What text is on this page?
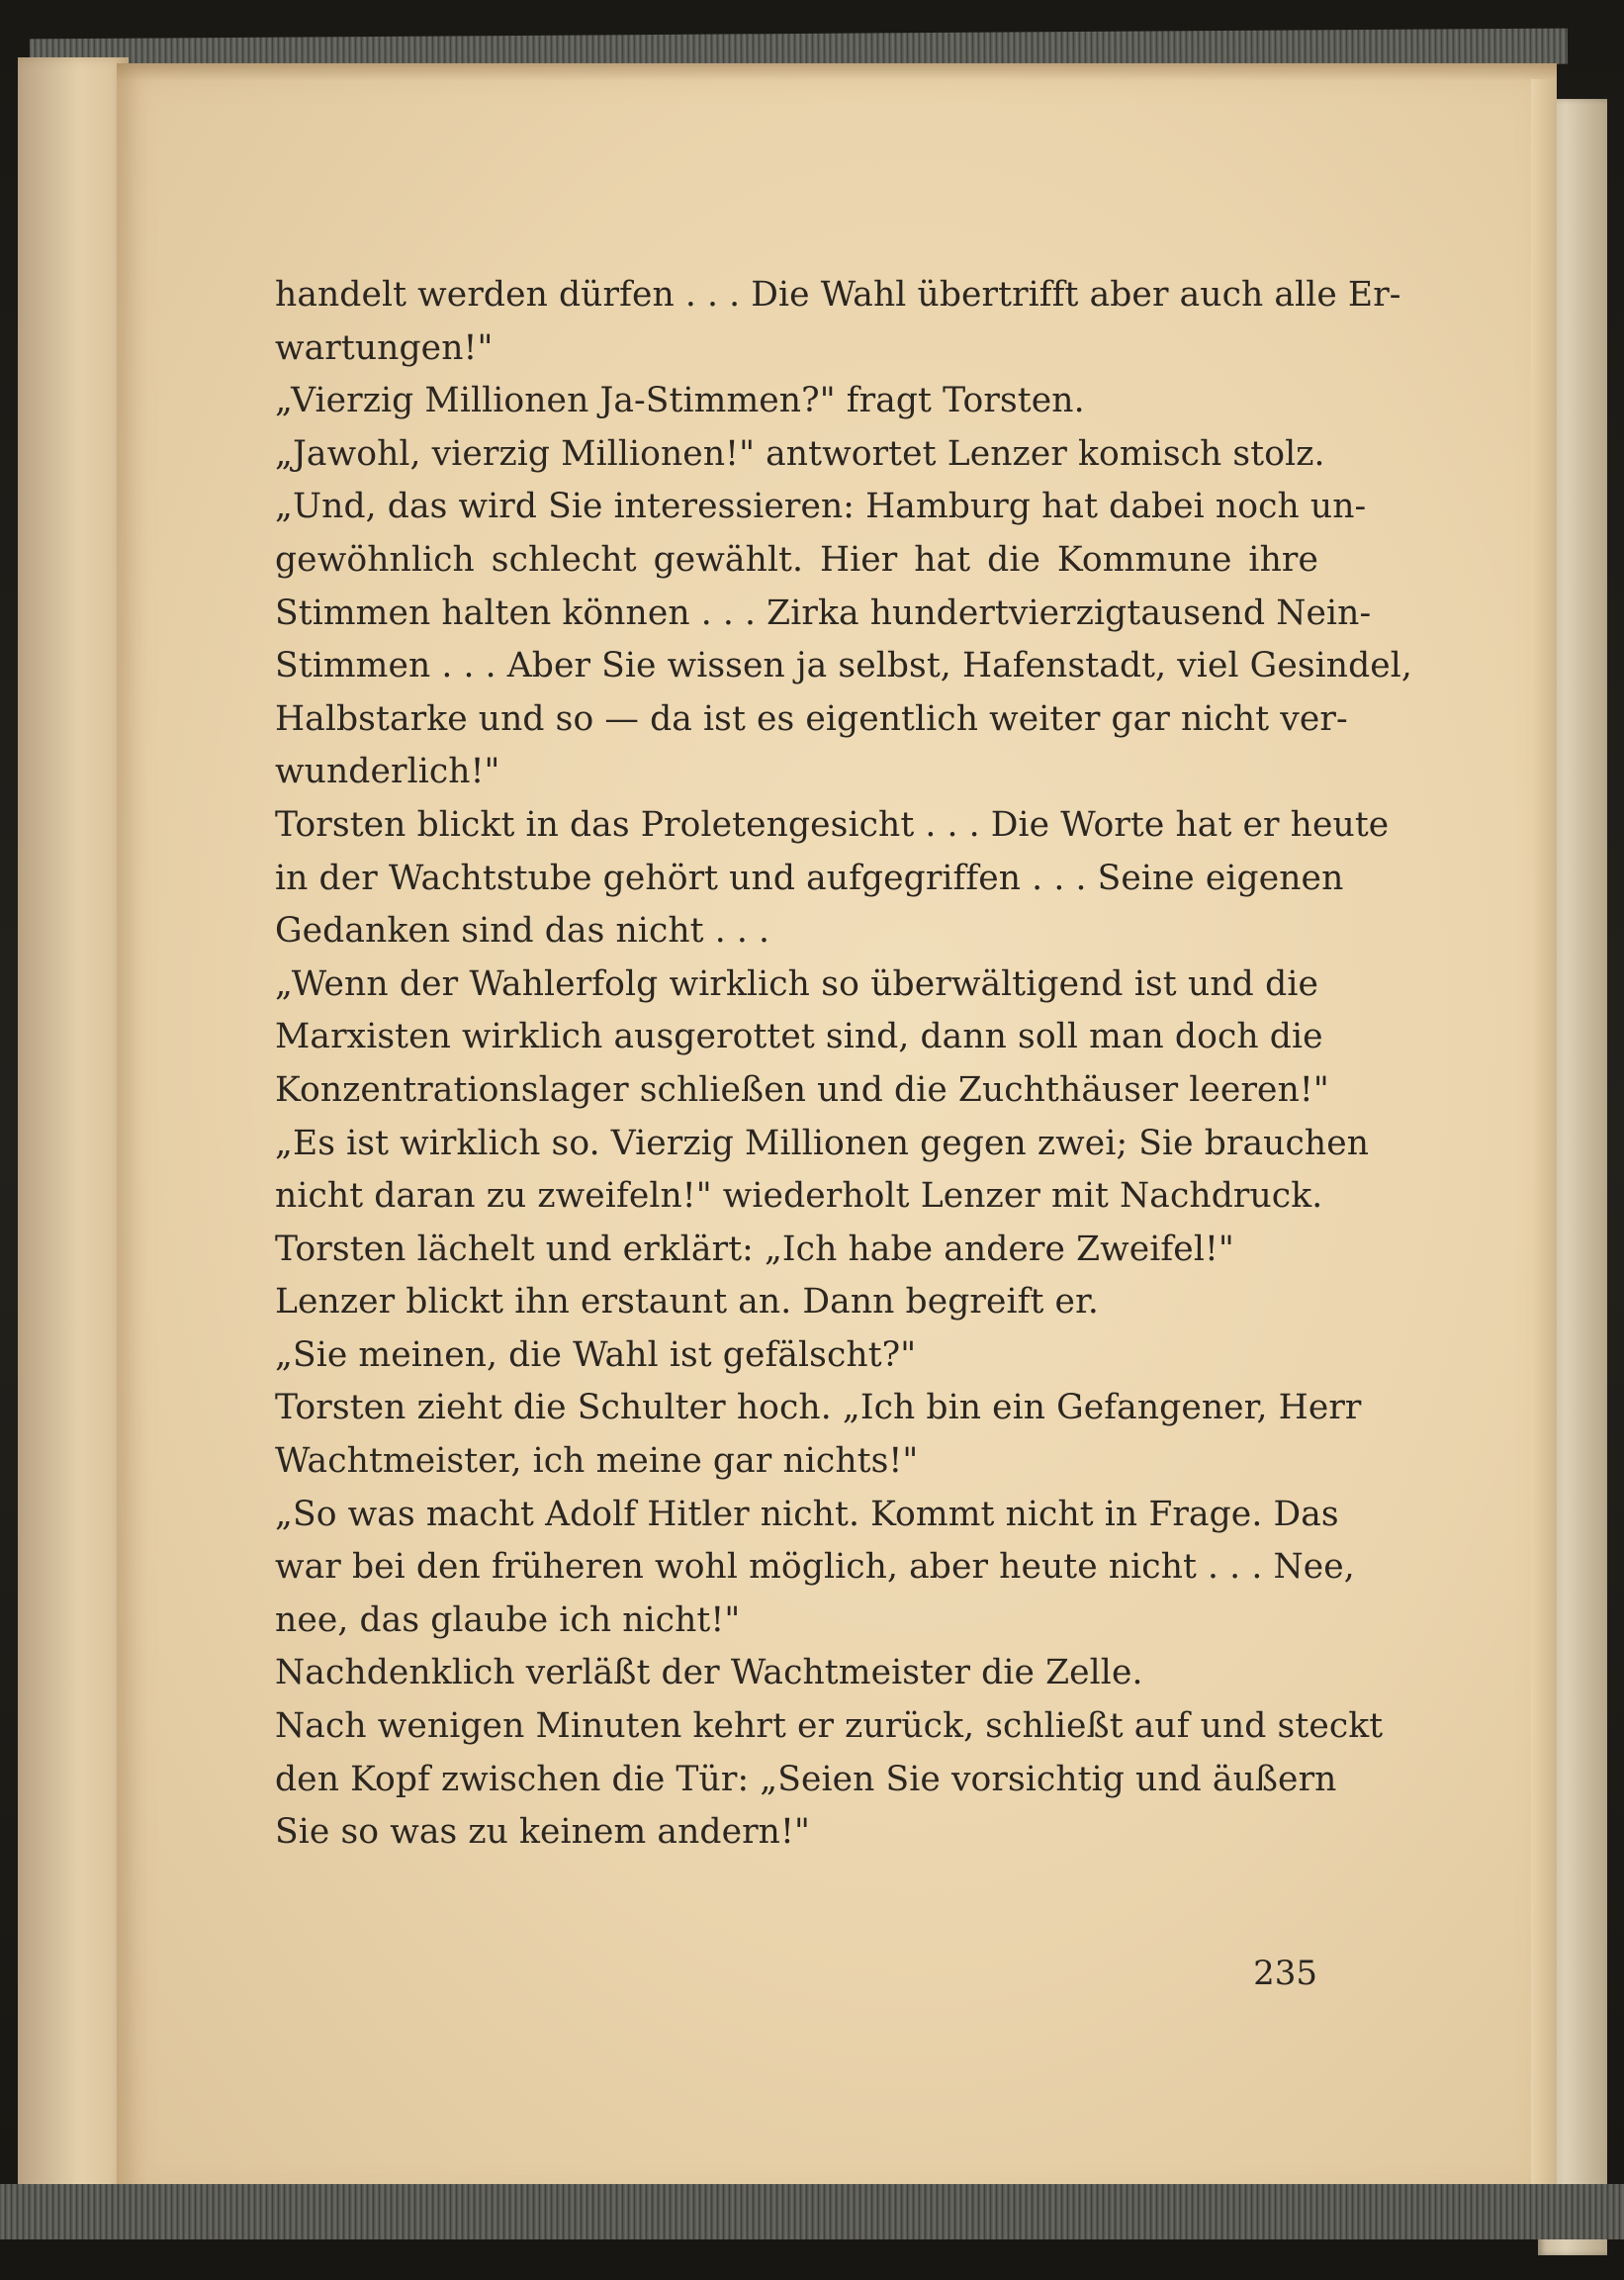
handelt werden dürfen . . . Die Wahl übertrifft aber auch alle Er-
wartungen!"
„Vierzig Millionen Ja-Stimmen?" fragt Torsten.
„Jawohl, vierzig Millionen!" antwortet Lenzer komisch stolz.
„Und, das wird Sie interessieren: Hamburg hat dabei noch un-
gewöhnlich schlecht gewählt. Hier hat die Kommune ihre
Stimmen halten können . . . Zirka hundertvierzigtausend Nein-
Stimmen . . . Aber Sie wissen ja selbst, Hafenstadt, viel Gesindel,
Halbstarke und so — da ist es eigentlich weiter gar nicht ver-
wunderlich!"
Torsten blickt in das Proletengesicht . . . Die Worte hat er heute
in der Wachtstube gehört und aufgegriffen . . . Seine eigenen
Gedanken sind das nicht . . .
„Wenn der Wahlerfolg wirklich so überwältigend ist und die
Marxisten wirklich ausgerottet sind, dann soll man doch die
Konzentrationslager schließen und die Zuchthäuser leeren!"
„Es ist wirklich so. Vierzig Millionen gegen zwei; Sie brauchen
nicht daran zu zweifeln!" wiederholt Lenzer mit Nachdruck.
Torsten lächelt und erklärt: „Ich habe andere Zweifel!"
Lenzer blickt ihn erstaunt an. Dann begreift er.
„Sie meinen, die Wahl ist gefälscht?"
Torsten zieht die Schulter hoch. „Ich bin ein Gefangener, Herr
Wachtmeister, ich meine gar nichts!"
„So was macht Adolf Hitler nicht. Kommt nicht in Frage. Das
war bei den früheren wohl möglich, aber heute nicht . . . Nee,
nee, das glaube ich nicht!"
Nachdenklich verläßt der Wachtmeister die Zelle.
Nach wenigen Minuten kehrt er zurück, schließt auf und steckt
den Kopf zwischen die Tür: „Seien Sie vorsichtig und äußern
Sie so was zu keinem andern!"
235
